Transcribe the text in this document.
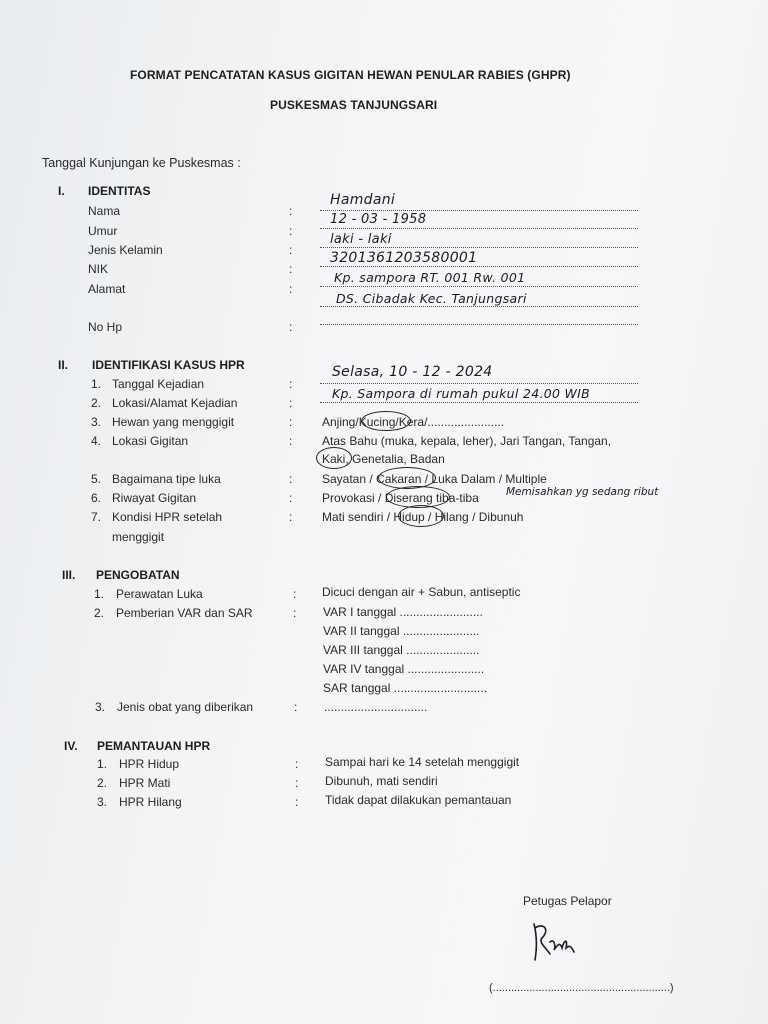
FORMAT PENCATATAN KASUS GIGITAN HEWAN PENULAR RABIES (GHPR)
PUSKESMAS TANJUNGSARI
Tanggal Kunjungan ke Puskesmas :
I. IDENTITAS
Nama
Umur
Jenis Kelamin
NIK
Alamat
No Hp
:
:
:
:
:
:
Hamdani
12 - 03 - 1958
laki - laki
3201361203580001
Kp. sampora RT. 001 Rw. 001
DS. Cibadak Kec. Tanjungsari
II. IDENTIFIKASI KASUS HPR
1. Tanggal Kejadian
2. Lokasi/Alamat Kejadian
3. Hewan yang menggigit
4. Lokasi Gigitan
5. Bagaimana tipe luka
6. Riwayat Gigitan
7. Kondisi HPR setelah
menggigit
:
:
:
:
:
:
:
Selasa, 10 - 12 - 2024
Kp. Sampora di rumah pukul 24.00 WIB
Anjing/Kucing/Kera/.......................
Atas Bahu (muka, kepala, leher), Jari Tangan, Tangan,
Kaki, Genetalia, Badan
Sayatan / Cakaran / Luka Dalam / Multiple
Provokasi / Diserang tiba-tiba	Memisahkan yg sedang ribut
Mati sendiri / Hidup / Hilang / Dibunuh
III. PENGOBATAN
1. Perawatan Luka
2. Pemberian VAR dan SAR
3. Jenis obat yang diberikan
:
:
:
Dicuci dengan air + Sabun, antiseptic
VAR I tanggal .........................
VAR II tanggal .......................
VAR III tanggal ......................
VAR IV tanggal .......................
SAR tanggal ............................
...............................
IV. PEMANTAUAN HPR
1. HPR Hidup
2. HPR Mati
3. HPR Hilang
:
:
:
Sampai hari ke 14 setelah menggigit
Dibunuh, mati sendiri
Tidak dapat dilakukan pemantauan
Petugas Pelapor
(..........................................................)
